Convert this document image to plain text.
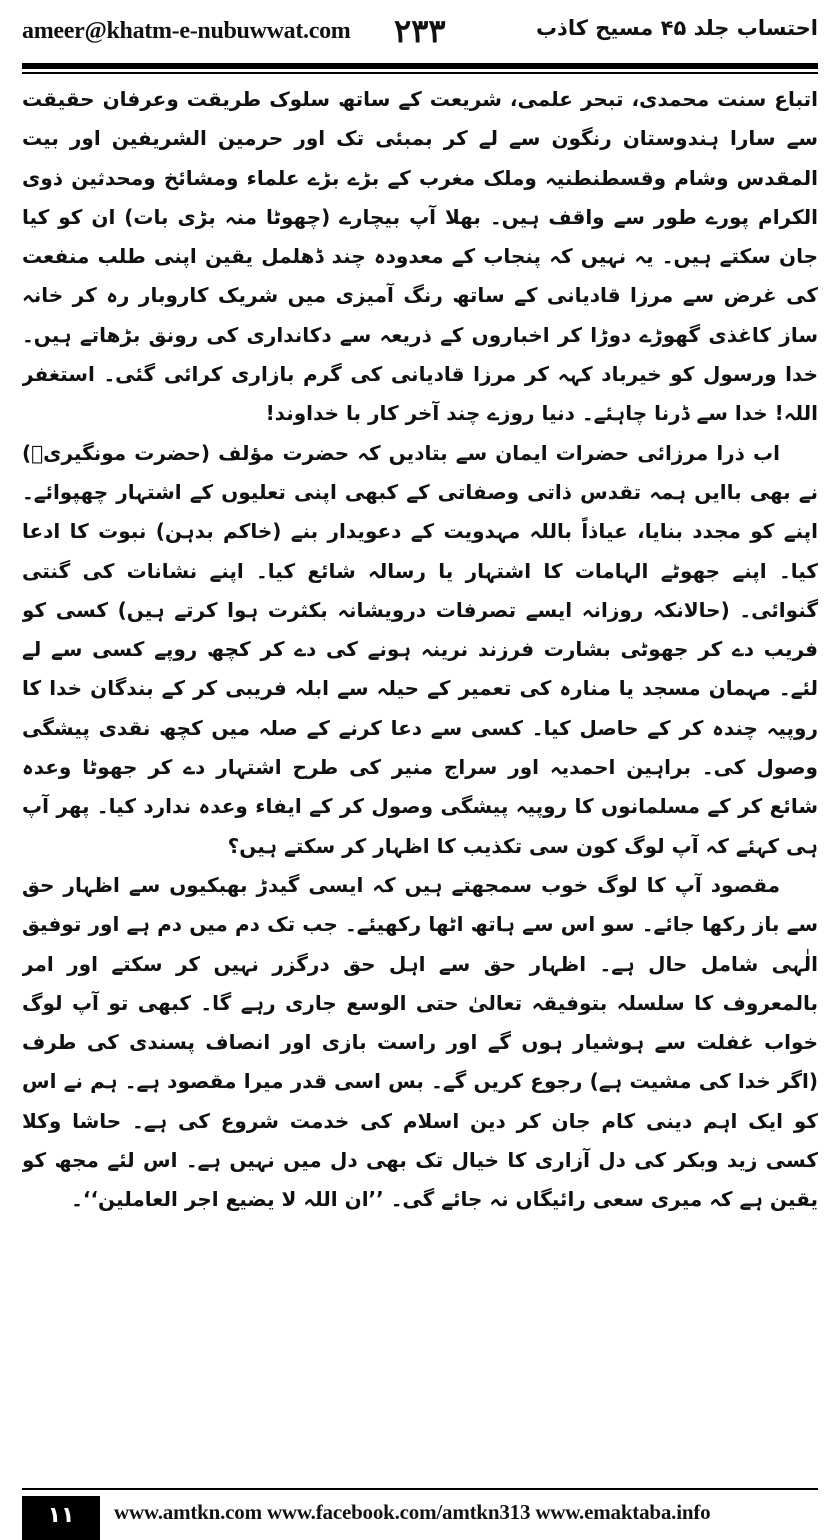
ameer@khatm-e-nubuwwat.com ۲۳۳	احتساب جلد ۴۵ مسیح کاذب

اتباع سنت محمدی، تبحر علمی، شریعت کے ساتھ سلوک طریقت وعرفان حقیقت سے سارا ہندوستان رنگون سے لے کر بمبئی تک اور حرمین الشریفین اور بیت المقدس وشام وقسطنطنیہ وملک مغرب کے بڑے بڑے علماء ومشائخ ومحدثین ذوی الکرام پورے طور سے واقف ہیں۔ بھلا آپ بیچارے (چھوٹا منہ بڑی بات) ان کو کیا جان سکتے ہیں۔ یہ نہیں کہ پنجاب کے معدودہ چند ڈھلمل یقین اپنی طلب منفعت کی غرض سے مرزا قادیانی کے ساتھ رنگ آمیزی میں شریک کاروبار رہ کر خانہ ساز کاغذی گھوڑے دوڑا کر اخباروں کے ذریعہ سے دکانداری کی رونق بڑھاتے ہیں۔ خدا ورسول کو خیرباد کہہ کر مرزا قادیانی کی گرم بازاری کرائی گئی۔ استغفر اللہ! خدا سے ڈرنا چاہئے۔ دنیا روزے چند آخر کار با خداوند!

اب ذرا مرزائی حضرات ایمان سے بتادیں کہ حضرت مؤلف (حضرت مونگیریؒ) نے بھی باایں ہمہ تقدس ذاتی وصفاتی کے کبھی اپنی تعلیوں کے اشتہار چھپوائے۔ اپنے کو مجدد بنایا، عیاذاً باللہ مہدویت کے دعویدار بنے (خاکم بدہن) نبوت کا ادعا کیا۔ اپنے جھوٹے الہامات کا اشتہار یا رسالہ شائع کیا۔ اپنے نشانات کی گنتی گنوائی۔ (حالانکہ روزانہ ایسے تصرفات درویشانہ بکثرت ہوا کرتے ہیں) کسی کو فریب دے کر جھوٹی بشارت فرزند نرینہ ہونے کی دے کر کچھ روپے کسی سے لے لئے۔ مہمان مسجد یا منارہ کی تعمیر کے حیلہ سے ابلہ فریبی کر کے بندگان خدا کا روپیہ چندہ کر کے حاصل کیا۔ کسی سے دعا کرنے کے صلہ میں کچھ نقدی پیشگی وصول کی۔ براہین احمدیہ اور سراج منیر کی طرح اشتہار دے کر جھوٹا وعدہ شائع کر کے مسلمانوں کا روپیہ پیشگی وصول کر کے ایفاء وعدہ ندارد کیا۔ پھر آپ ہی کہئے کہ آپ لوگ کون سی تکذیب کا اظہار کر سکتے ہیں؟

مقصود آپ کا لوگ خوب سمجھتے ہیں کہ ایسی گیدڑ بھبکیوں سے اظہار حق سے باز رکھا جائے۔ سو اس سے ہاتھ اٹھا رکھیئے۔ جب تک دم میں دم ہے اور توفیق الٰہی شامل حال ہے۔ اظہار حق سے اہل حق درگزر نہیں کر سکتے اور امر بالمعروف کا سلسلہ بتوفیقہ تعالیٰ حتی الوسع جاری رہے گا۔ کبھی تو آپ لوگ خواب غفلت سے ہوشیار ہوں گے اور راست بازی اور انصاف پسندی کی طرف (اگر خدا کی مشیت ہے) رجوع کریں گے۔ بس اسی قدر میرا مقصود ہے۔ ہم نے اس کو ایک اہم دینی کام جان کر دین اسلام کی خدمت شروع کی ہے۔ حاشا وکلا کسی زید وبکر کی دل آزاری کا خیال تک بھی دل میں نہیں ہے۔ اس لئے مجھ کو یقین ہے کہ میری سعی رائیگاں نہ جائے گی۔ ’’ان اللہ لا یضیع اجر العاملین‘‘۔

۱۱	www.amtkn.com www.facebook.com/amtkn313 www.emaktaba.info
